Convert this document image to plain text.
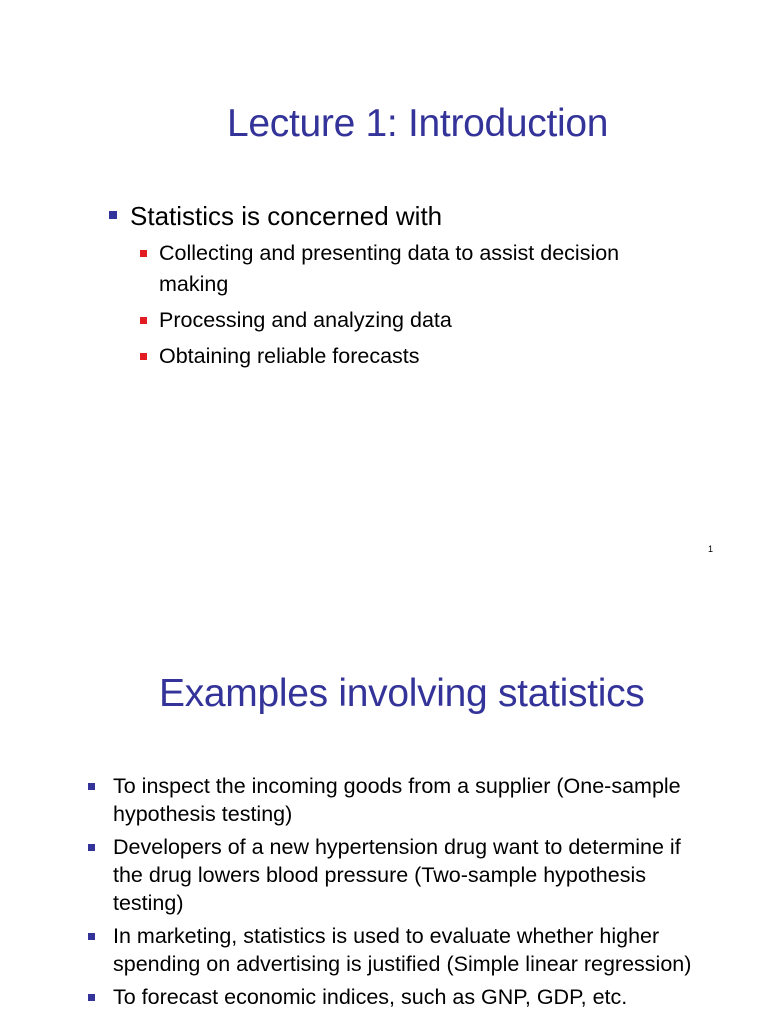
Lecture 1: Introduction
Statistics is concerned with
Collecting and presenting data to assist decision making
Processing and analyzing data
Obtaining reliable forecasts
1
Examples involving statistics
To inspect the incoming goods from a supplier (One-sample hypothesis testing)
Developers of a new hypertension drug want to determine if the drug lowers blood pressure (Two-sample hypothesis testing)
In marketing, statistics is used to evaluate whether higher spending on advertising is justified (Simple linear regression)
To forecast economic indices, such as GNP, GDP, etc.
